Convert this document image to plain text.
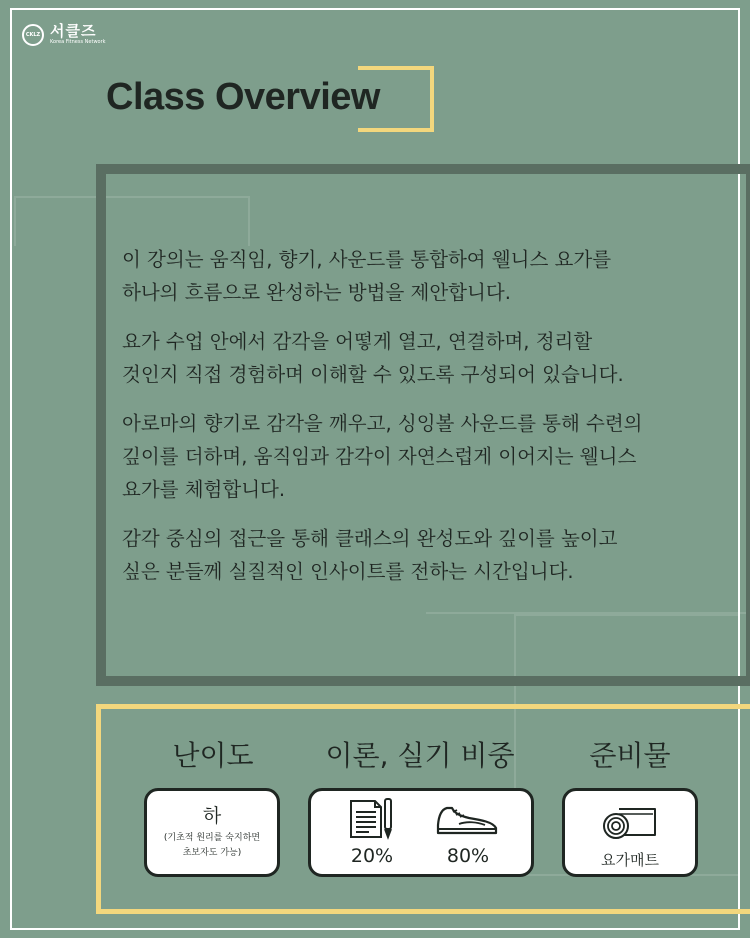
CKLZ 서클즈
Korea Fitness Network
Class Overview

이 강의는 움직임, 향기, 사운드를 통합하여 웰니스 요가를
하나의 흐름으로 완성하는 방법을 제안합니다.

요가 수업 안에서 감각을 어떻게 열고, 연결하며, 정리할
것인지 직접 경험하며 이해할 수 있도록 구성되어 있습니다.

아로마의 향기로 감각을 깨우고, 싱잉볼 사운드를 통해 수련의
깊이를 더하며, 움직임과 감각이 자연스럽게 이어지는 웰니스
요가를 체험합니다.

감각 중심의 접근을 통해 클래스의 완성도와 깊이를 높이고
싶은 분들께 실질적인 인사이트를 전하는 시간입니다.

난이도	이론, 실기 비중	준비물
하
(기초적 원리를 숙지하면
초보자도 가능)	20%	80%	요가매트
